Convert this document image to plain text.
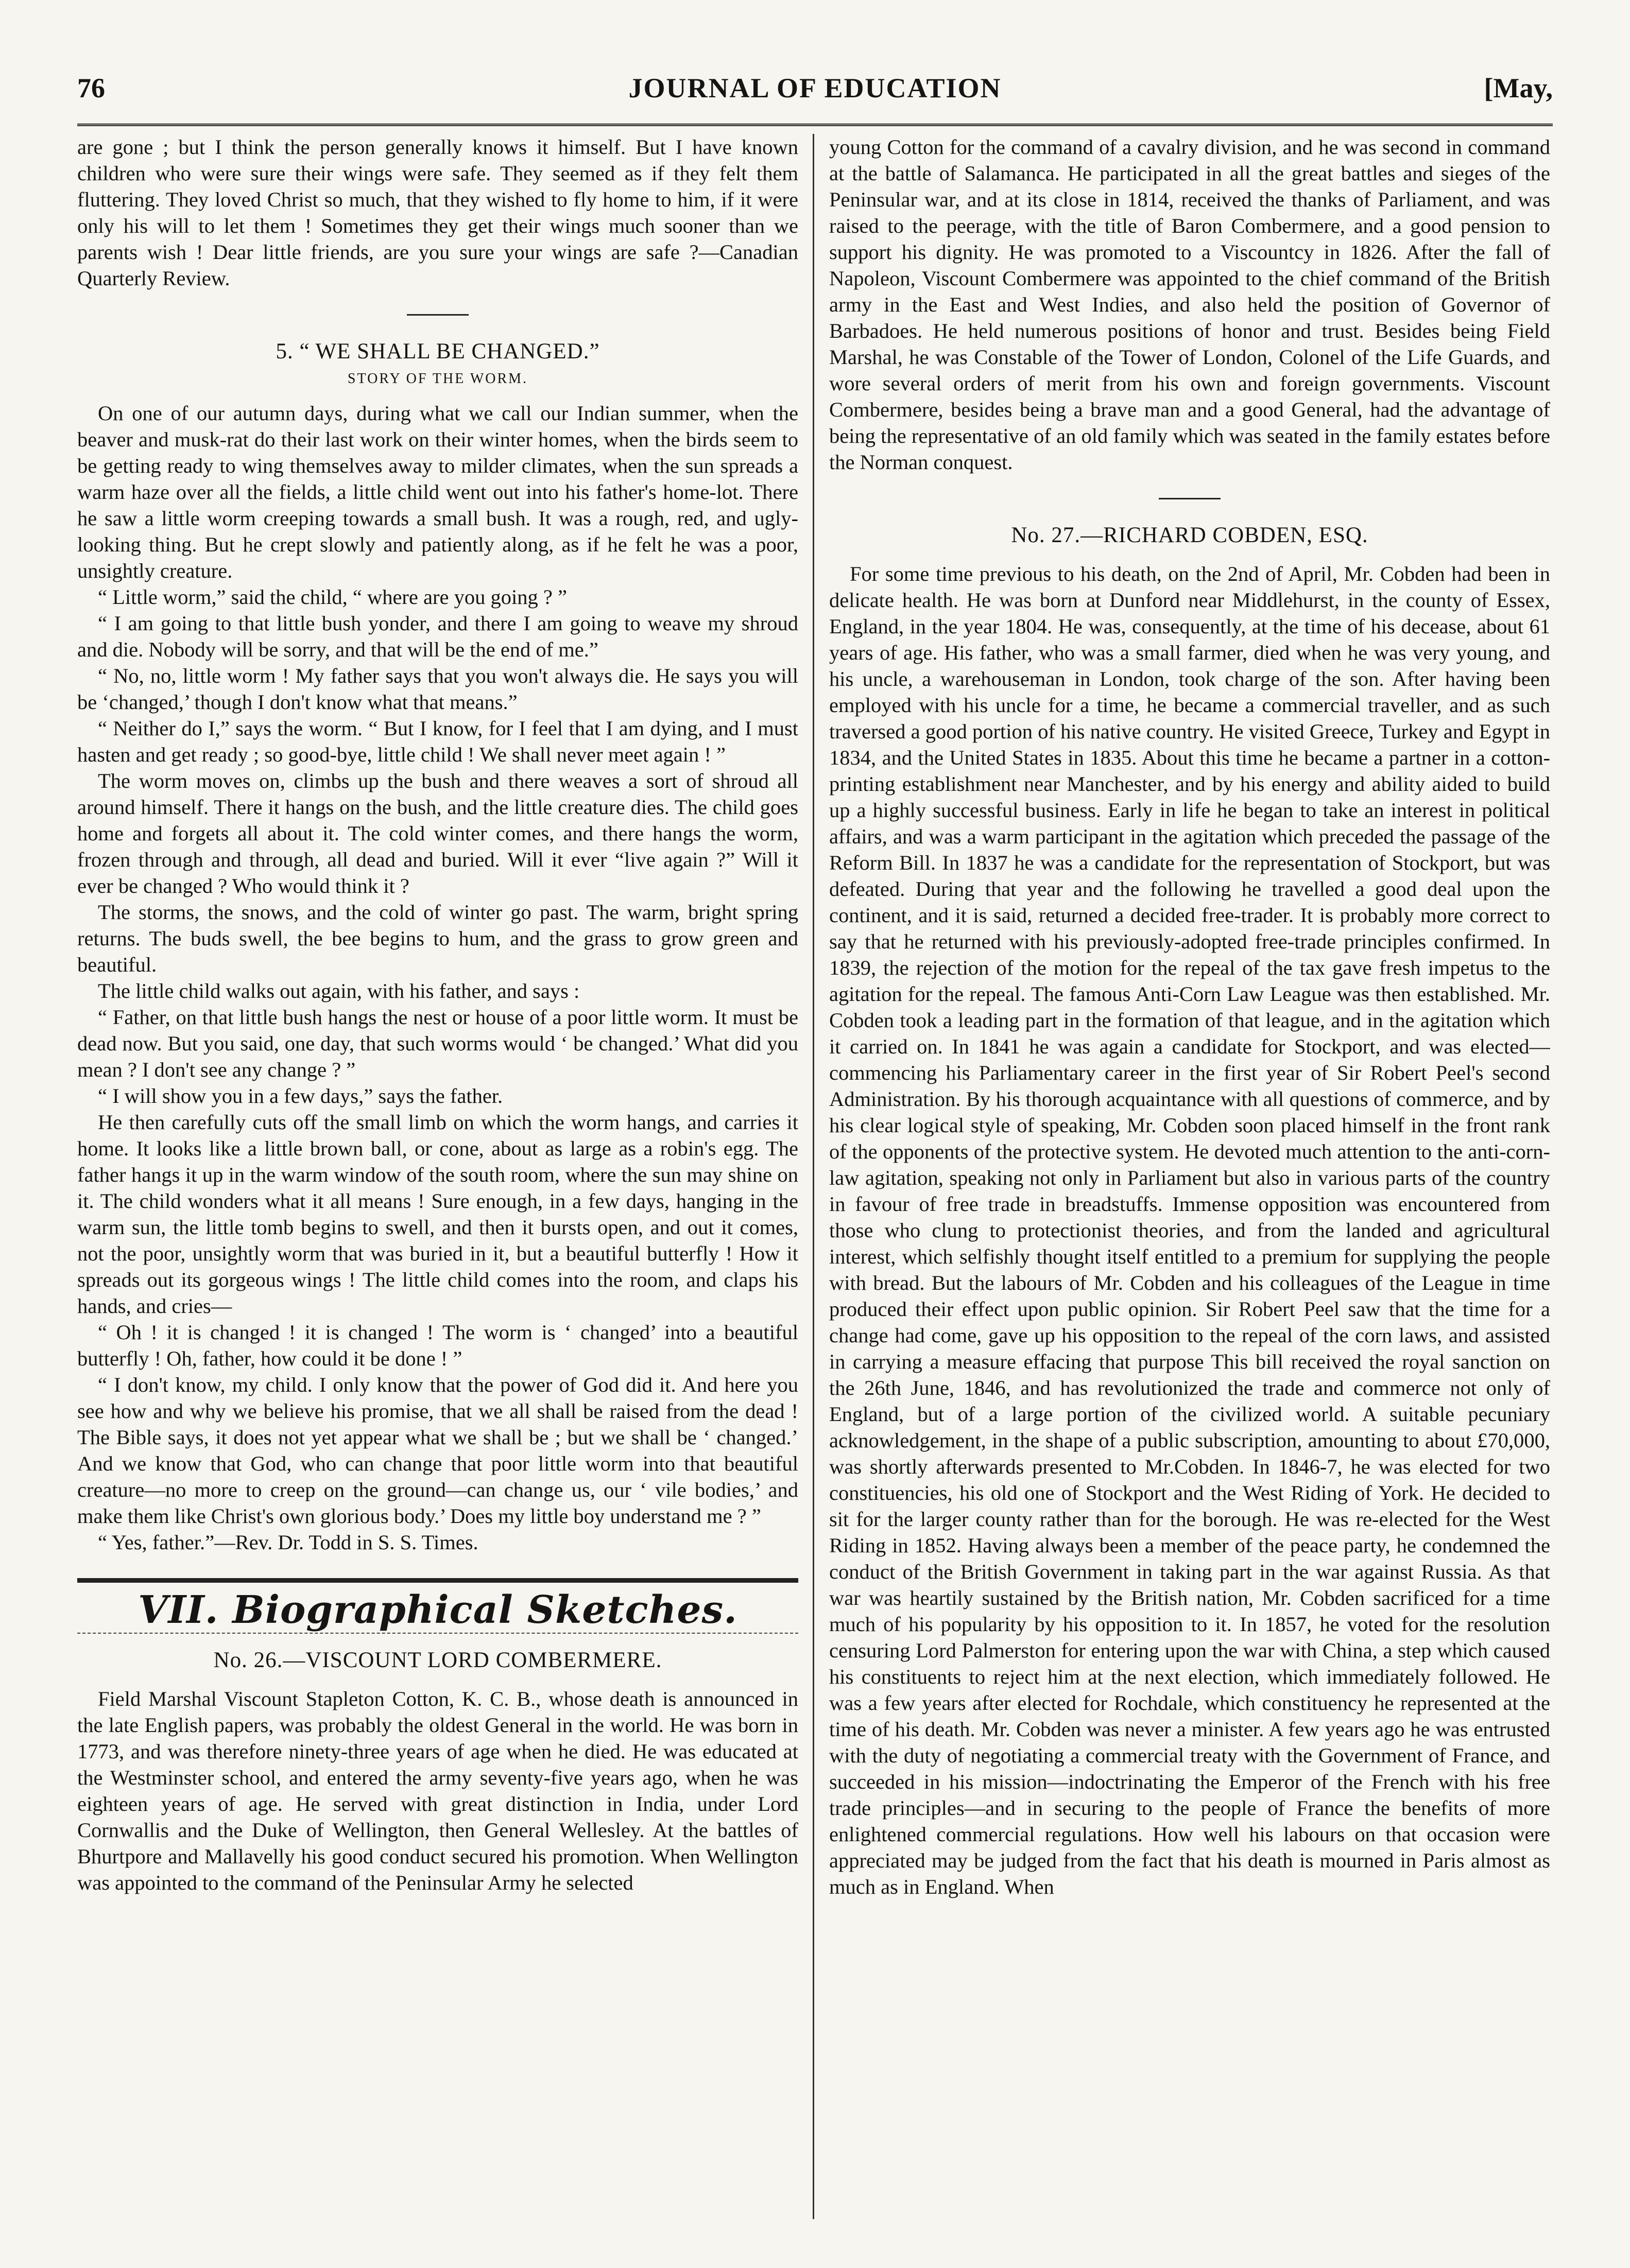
76	JOURNAL OF EDUCATION	[May,

are gone ; but I think the person generally knows it himself. But I have known children who were sure their wings were safe. They seemed as if they felt them fluttering. They loved Christ so much, that they wished to fly home to him, if it were only his will to let them ! Sometimes they get their wings much sooner than we parents wish ! Dear little friends, are you sure your wings are safe ?—Canadian Quarterly Review.

5. “ WE SHALL BE CHANGED.”
STORY OF THE WORM.

On one of our autumn days, during what we call our Indian summer, when the beaver and musk-rat do their last work on their winter homes, when the birds seem to be getting ready to wing themselves away to milder climates, when the sun spreads a warm haze over all the fields, a little child went out into his father's home-lot. There he saw a little worm creeping towards a small bush. It was a rough, red, and ugly-looking thing. But he crept slowly and patiently along, as if he felt he was a poor, unsightly creature.

“ Little worm,” said the child, “ where are you going ? ”

“ I am going to that little bush yonder, and there I am going to weave my shroud and die. Nobody will be sorry, and that will be the end of me.”

“ No, no, little worm ! My father says that you won't always die. He says you will be ‘changed,’ though I don't know what that means.”

“ Neither do I,” says the worm. “ But I know, for I feel that I am dying, and I must hasten and get ready ; so good-bye, little child ! We shall never meet again ! ”

The worm moves on, climbs up the bush and there weaves a sort of shroud all around himself. There it hangs on the bush, and the little creature dies. The child goes home and forgets all about it. The cold winter comes, and there hangs the worm, frozen through and through, all dead and buried. Will it ever “live again ?” Will it ever be changed ? Who would think it ?

The storms, the snows, and the cold of winter go past. The warm, bright spring returns. The buds swell, the bee begins to hum, and the grass to grow green and beautiful.

The little child walks out again, with his father, and says :

“ Father, on that little bush hangs the nest or house of a poor little worm. It must be dead now. But you said, one day, that such worms would ‘ be changed.’ What did you mean ? I don't see any change ? ”

“ I will show you in a few days,” says the father.

He then carefully cuts off the small limb on which the worm hangs, and carries it home. It looks like a little brown ball, or cone, about as large as a robin's egg. The father hangs it up in the warm window of the south room, where the sun may shine on it. The child wonders what it all means ! Sure enough, in a few days, hanging in the warm sun, the little tomb begins to swell, and then it bursts open, and out it comes, not the poor, unsightly worm that was buried in it, but a beautiful butterfly ! How it spreads out its gorgeous wings ! The little child comes into the room, and claps his hands, and cries—

“ Oh ! it is changed ! it is changed ! The worm is ‘ changed’ into a beautiful butterfly ! Oh, father, how could it be done ! ”

“ I don't know, my child. I only know that the power of God did it. And here you see how and why we believe his promise, that we all shall be raised from the dead ! The Bible says, it does not yet appear what we shall be ; but we shall be ‘ changed.’ And we know that God, who can change that poor little worm into that beautiful creature—no more to creep on the ground—can change us, our ‘ vile bodies,’ and make them like Christ's own glorious body.’ Does my little boy understand me ? ”

“ Yes, father.”—Rev. Dr. Todd in S. S. Times.

VII. Biographical Sketches.
No. 26.—VISCOUNT LORD COMBERMERE.

Field Marshal Viscount Stapleton Cotton, K. C. B., whose death is announced in the late English papers, was probably the oldest General in the world. He was born in 1773, and was therefore ninety-three years of age when he died. He was educated at the Westminster school, and entered the army seventy-five years ago, when he was eighteen years of age. He served with great distinction in India, under Lord Cornwallis and the Duke of Wellington, then General Wellesley. At the battles of Bhurtpore and Mallavelly his good conduct secured his promotion. When Wellington was appointed to the command of the Peninsular Army he selected

young Cotton for the command of a cavalry division, and he was second in command at the battle of Salamanca. He participated in all the great battles and sieges of the Peninsular war, and at its close in 1814, received the thanks of Parliament, and was raised to the peerage, with the title of Baron Combermere, and a good pension to support his dignity. He was promoted to a Viscountcy in 1826. After the fall of Napoleon, Viscount Combermere was appointed to the chief command of the British army in the East and West Indies, and also held the position of Governor of Barbadoes. He held numerous positions of honor and trust. Besides being Field Marshal, he was Constable of the Tower of London, Colonel of the Life Guards, and wore several orders of merit from his own and foreign governments. Viscount Combermere, besides being a brave man and a good General, had the advantage of being the representative of an old family which was seated in the family estates before the Norman conquest.

No. 27.—RICHARD COBDEN, ESQ.

For some time previous to his death, on the 2nd of April, Mr. Cobden had been in delicate health. He was born at Dunford near Middlehurst, in the county of Essex, England, in the year 1804. He was, consequently, at the time of his decease, about 61 years of age. His father, who was a small farmer, died when he was very young, and his uncle, a warehouseman in London, took charge of the son. After having been employed with his uncle for a time, he became a commercial traveller, and as such traversed a good portion of his native country. He visited Greece, Turkey and Egypt in 1834, and the United States in 1835. About this time he became a partner in a cotton-printing establishment near Manchester, and by his energy and ability aided to build up a highly successful business. Early in life he began to take an interest in political affairs, and was a warm participant in the agitation which preceded the passage of the Reform Bill. In 1837 he was a candidate for the representation of Stockport, but was defeated. During that year and the following he travelled a good deal upon the continent, and it is said, returned a decided free-trader. It is probably more correct to say that he returned with his previously-adopted free-trade principles confirmed. In 1839, the rejection of the motion for the repeal of the tax gave fresh impetus to the agitation for the repeal. The famous Anti-Corn Law League was then established. Mr. Cobden took a leading part in the formation of that league, and in the agitation which it carried on. In 1841 he was again a candidate for Stockport, and was elected—commencing his Parliamentary career in the first year of Sir Robert Peel's second Administration. By his thorough acquaintance with all questions of commerce, and by his clear logical style of speaking, Mr. Cobden soon placed himself in the front rank of the opponents of the protective system. He devoted much attention to the anti-corn-law agitation, speaking not only in Parliament but also in various parts of the country in favour of free trade in breadstuffs. Immense opposition was encountered from those who clung to protectionist theories, and from the landed and agricultural interest, which selfishly thought itself entitled to a premium for supplying the people with bread. But the labours of Mr. Cobden and his colleagues of the League in time produced their effect upon public opinion. Sir Robert Peel saw that the time for a change had come, gave up his opposition to the repeal of the corn laws, and assisted in carrying a measure effacing that purpose This bill received the royal sanction on the 26th June, 1846, and has revolutionized the trade and commerce not only of England, but of a large portion of the civilized world. A suitable pecuniary acknowledgement, in the shape of a public subscription, amounting to about £70,000, was shortly afterwards presented to Mr.Cobden. In 1846-7, he was elected for two constituencies, his old one of Stockport and the West Riding of York. He decided to sit for the larger county rather than for the borough. He was re-elected for the West Riding in 1852. Having always been a member of the peace party, he condemned the conduct of the British Government in taking part in the war against Russia. As that war was heartily sustained by the British nation, Mr. Cobden sacrificed for a time much of his popularity by his opposition to it. In 1857, he voted for the resolution censuring Lord Palmerston for entering upon the war with China, a step which caused his constituents to reject him at the next election, which immediately followed. He was a few years after elected for Rochdale, which constituency he represented at the time of his death. Mr. Cobden was never a minister. A few years ago he was entrusted with the duty of negotiating a commercial treaty with the Government of France, and succeeded in his mission—indoctrinating the Emperor of the French with his free trade principles—and in securing to the people of France the benefits of more enlightened commercial regulations. How well his labours on that occasion were appreciated may be judged from the fact that his death is mourned in Paris almost as much as in England. When
